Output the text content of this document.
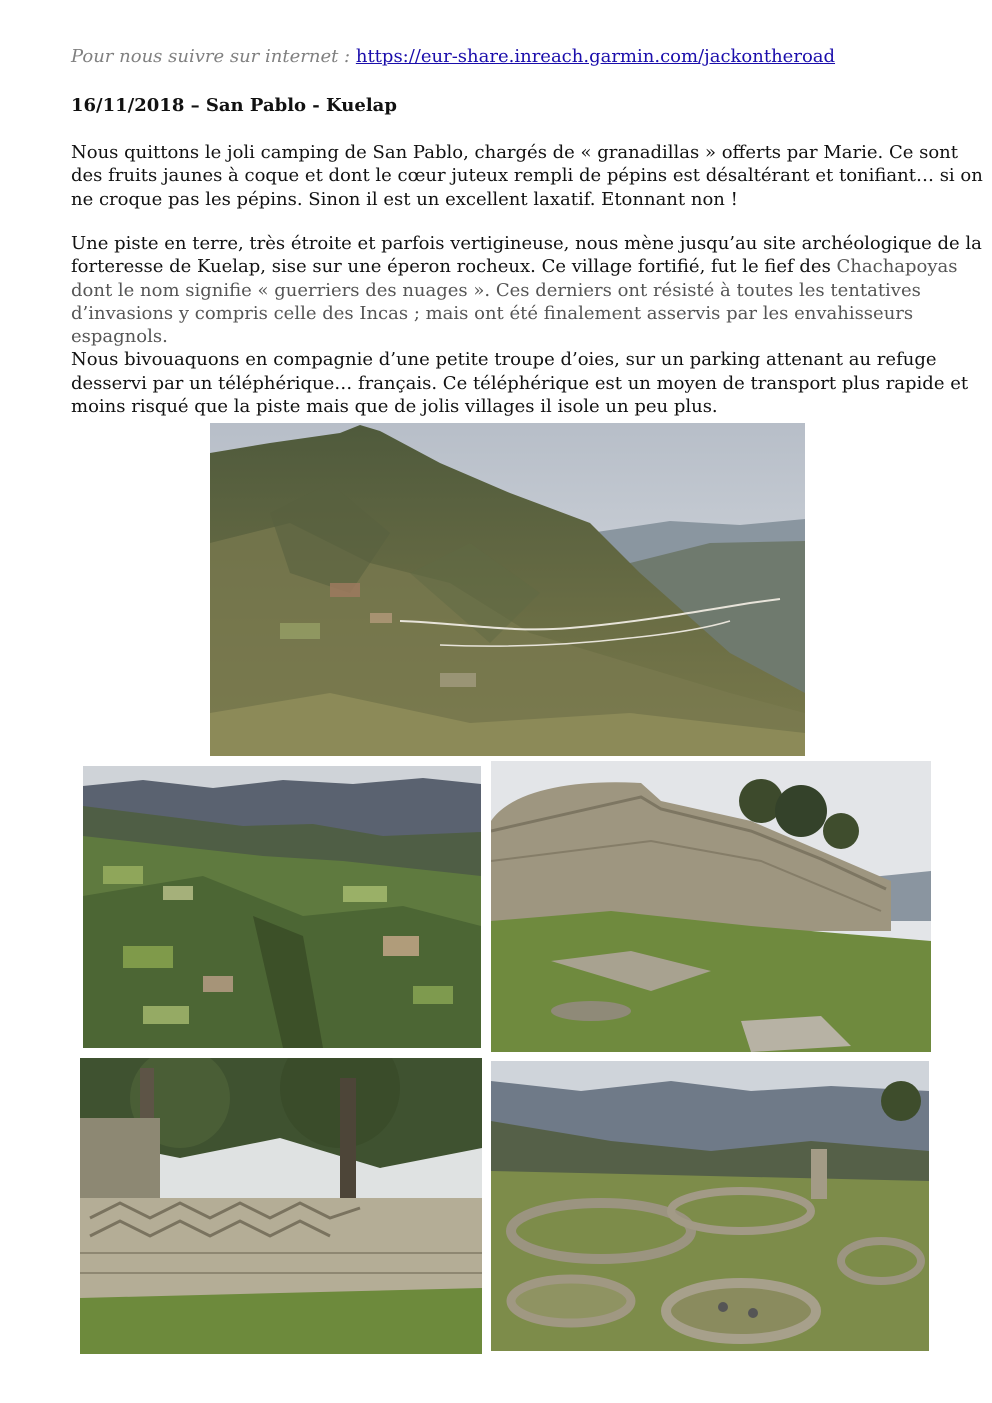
Pour nous suivre sur internet : https://eur-share.inreach.garmin.com/jackontheroad
16/11/2018 – San Pablo - Kuelap
Nous quittons le joli camping de San Pablo, chargés de « granadillas » offerts par Marie. Ce sont
des fruits jaunes à coque et dont le cœur juteux rempli de pépins est désaltérant et tonifiant… si on
ne croque pas les pépins. Sinon il est un excellent laxatif. Etonnant non !
Une piste en terre, très étroite et parfois vertigineuse, nous mène jusqu’au site archéologique de la
forteresse de Kuelap, sise sur une éperon rocheux. Ce village fortifié, fut le fief des Chachapoyas
dont le nom signifie « guerriers des nuages ». Ces derniers ont résisté à toutes les tentatives
d’invasions y compris celle des Incas ; mais ont été finalement asservis par les envahisseurs
espagnols.
Nous bivouaquons en compagnie d’une petite troupe d’oies, sur un parking attenant au refuge
desservi par un téléphérique… français. Ce téléphérique est un moyen de transport plus rapide et
moins risqué que la piste mais que de jolis villages il isole un peu plus.
